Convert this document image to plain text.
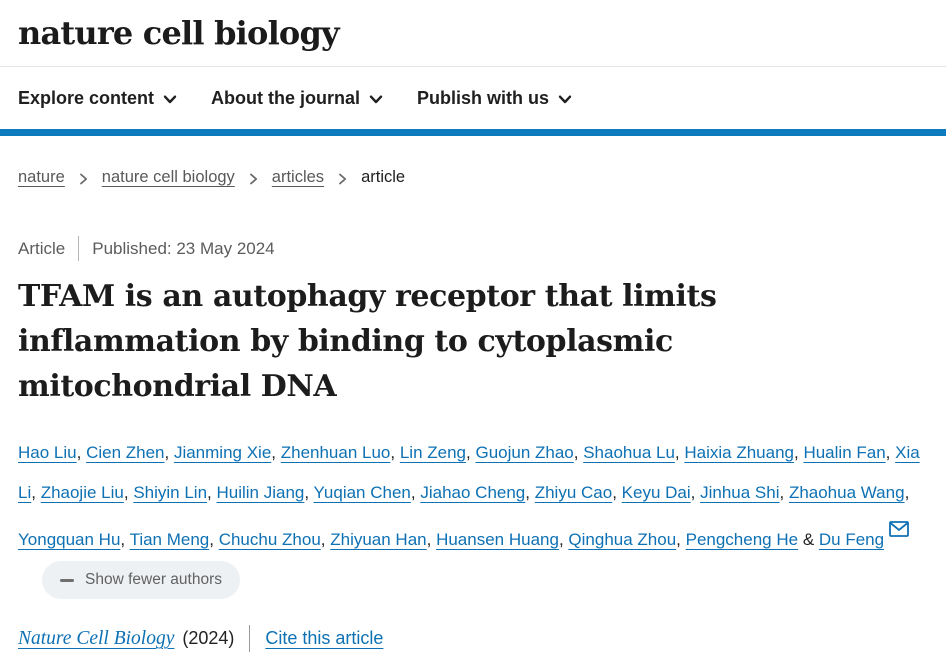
nature cell biology
Explore content	About the journal	Publish with us
nature nature cell biology articles article
Article Published: 23 May 2024
TFAM is an autophagy receptor that limits
inflammation by binding to cytoplasmic
mitochondrial DNA

Hao Liu, Cien Zhen, Jianming Xie, Zhenhuan Luo, Lin Zeng, Guojun Zhao, Shaohua Lu, Haixia Zhuang, Hualin Fan, Xia Li, Zhaojie Liu, Shiyin Lin, Huilin Jiang, Yuqian Chen, Jiahao Cheng, Zhiyu Cao, Keyu Dai, Jinhua Shi, Zhaohua Wang, Yongquan Hu, Tian Meng, Chuchu Zhou, Zhiyuan Han, Huansen Huang, Qinghua Zhou, Pengcheng He & Du Feng
Show fewer authors

Nature Cell Biology (2024) Cite this article
